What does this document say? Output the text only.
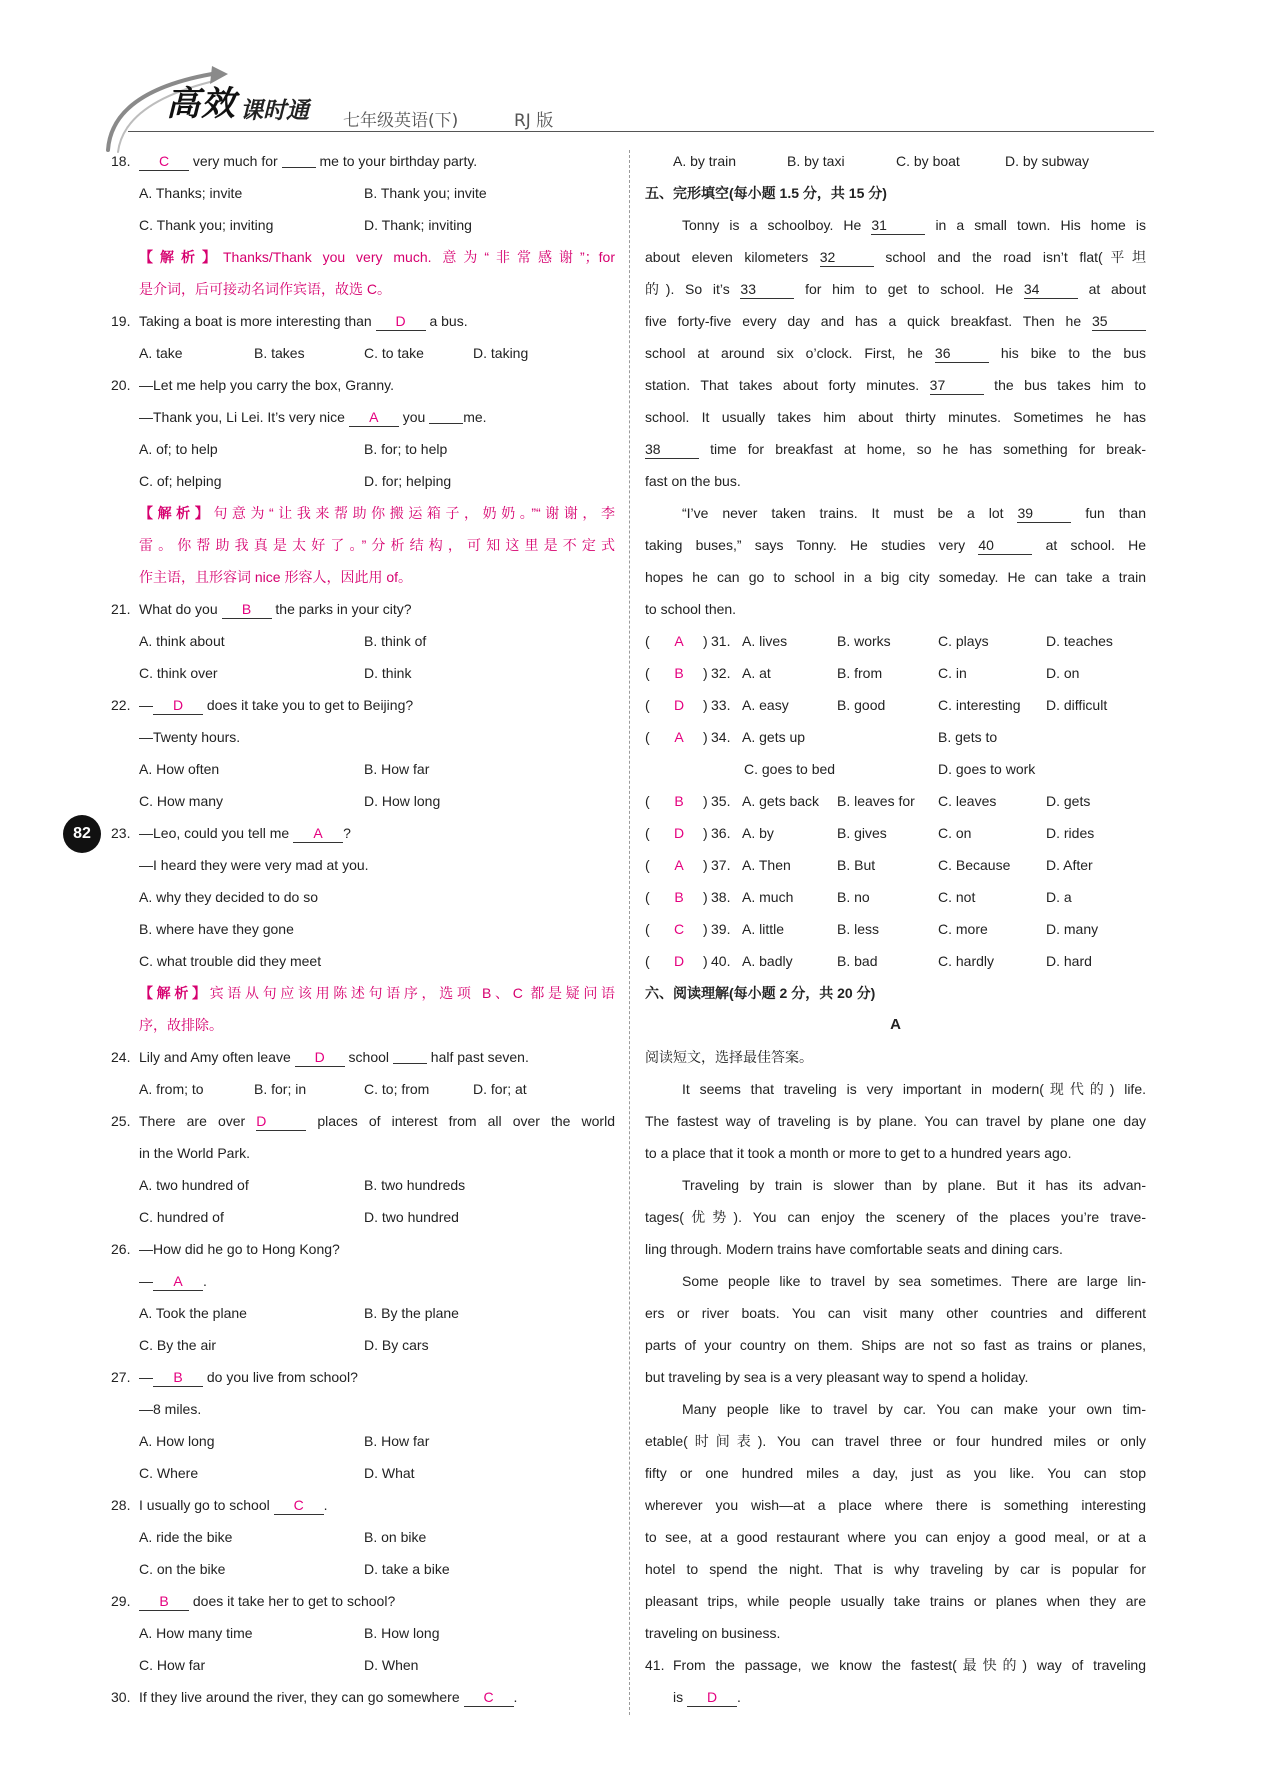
高效 课时通 七年级英语(下)	RJ 版
82
18. C very much for  me to your birthday party.
A. Thanks; invite	B. Thank you; invite
C. Thank you; inviting	D. Thank; inviting
【解析】Thanks/Thank you very much. 意为“非常感谢”；for
是介词，后可接动名词作宾语，故选 C。
19. Taking a boat is more interesting than D a bus.
A. take	B. takes	C. to take	D. taking
20. —Let me help you carry the box, Granny.
—Thank you, Li Lei. It’s very nice A you me.
A. of; to help	B. for; to help
C. of; helping	D. for; helping
【解析】句意为“让我来帮助你搬运箱子，奶奶。”“谢谢，李
雷。你帮助我真是太好了。”分析结构，可知这里是不定式
作主语，且形容词 nice 形容人，因此用 of。
21. What do you B the parks in your city?
A. think about	B. think of
C. think over	D. think
22. — D does it take you to get to Beijing?
—Twenty hours.
A. How often	B. How far
C. How many	D. How long
23. —Leo, could you tell me A ?
—I heard they were very mad at you.
A. why they decided to do so
B. where have they gone
C. what trouble did they meet
【解析】宾语从句应该用陈述句语序，选项 B、C 都是疑问语
序，故排除。
24. Lily and Amy often leave D school  half past seven.
A. from; to	B. for; in	C. to; from	D. for; at
25. There are over D	places of interest from all over the world
in the World Park.
A. two hundred of	B. two hundreds
C. hundred of	D. two hundred
26. —How did he go to Hong Kong?
— A .
A. Took the plane	B. By the plane
C. By the air	D. By cars
27. — B do you live from school?
—8 miles.
A. How long	B. How far
C. Where	D. What
28. I usually go to school C .
A. ride the bike	B. on bike
C. on the bike	D. take a bike
29. B does it take her to get to school?
A. How many time	B. How long
C. How far	D. When
30. If they live around the river, they can go somewhere C .
A. by train	B. by taxi	C. by boat	D. by subway
五、完形填空(每小题 1.5 分，共 15 分)
Tonny is a schoolboy. He 31	in a small town. His home is
about eleven kilometers 32	school and the road isn’t flat(平坦
的). So it’s 33	for him to get to school. He 34	at about
five forty-five every day and has a quick breakfast. Then he 35
school at around six o’clock. First, he 36	his bike to the bus
station. That takes about forty minutes. 37	the bus takes him to
school. It usually takes him about thirty minutes. Sometimes he has
38	time for breakfast at home, so he has something for break-
fast on the bus.
“I’ve never taken trains. It must be a lot 39	fun than
taking buses,” says Tonny. He studies very 40	at school. He
hopes he can go to school in a big city someday. He can take a train
to school then.
(	A	) 31. A. lives	B. works	C. plays	D. teaches
(	B	) 32. A. at	B. from	C. in	D. on
(	D	) 33. A. easy	B. good	C. interesting D. difficult
(	A	) 34. A. gets up	B. gets to
C. goes to bed	D. goes to work
(	B	) 35. A. gets back B. leaves for C. leaves	D. gets
(	D	) 36. A. by	B. gives	C. on	D. rides
(	A	) 37. A. Then	B. But	C. Because	D. After
(	B	) 38. A. much	B. no	C. not	D. a
(	C	) 39. A. little	B. less	C. more	D. many
(	D	) 40. A. badly	B. bad	C. hardly	D. hard
六、阅读理解(每小题 2 分，共 20 分)
A
阅读短文，选择最佳答案。
It seems that traveling is very important in modern(现代的) life.
The fastest way of traveling is by plane. You can travel by plane one day
to a place that it took a month or more to get to a hundred years ago.
Traveling by train is slower than by plane. But it has its advan-
tages(优势). You can enjoy the scenery of the places you’re trave-
ling through. Modern trains have comfortable seats and dining cars.
Some people like to travel by sea sometimes. There are large lin-
ers or river boats. You can visit many other countries and different
parts of your country on them. Ships are not so fast as trains or planes,
but traveling by sea is a very pleasant way to spend a holiday.
Many people like to travel by car. You can make your own tim-
etable(时间表). You can travel three or four hundred miles or only
fifty or one hundred miles a day, just as you like. You can stop
wherever you wish—at a place where there is something interesting
to see, at a good restaurant where you can enjoy a good meal, or at a
hotel to spend the night. That is why traveling by car is popular for
pleasant trips, while people usually take trains or planes when they are
traveling on business.
41. From the passage, we know the fastest(最快的) way of traveling
is D .
